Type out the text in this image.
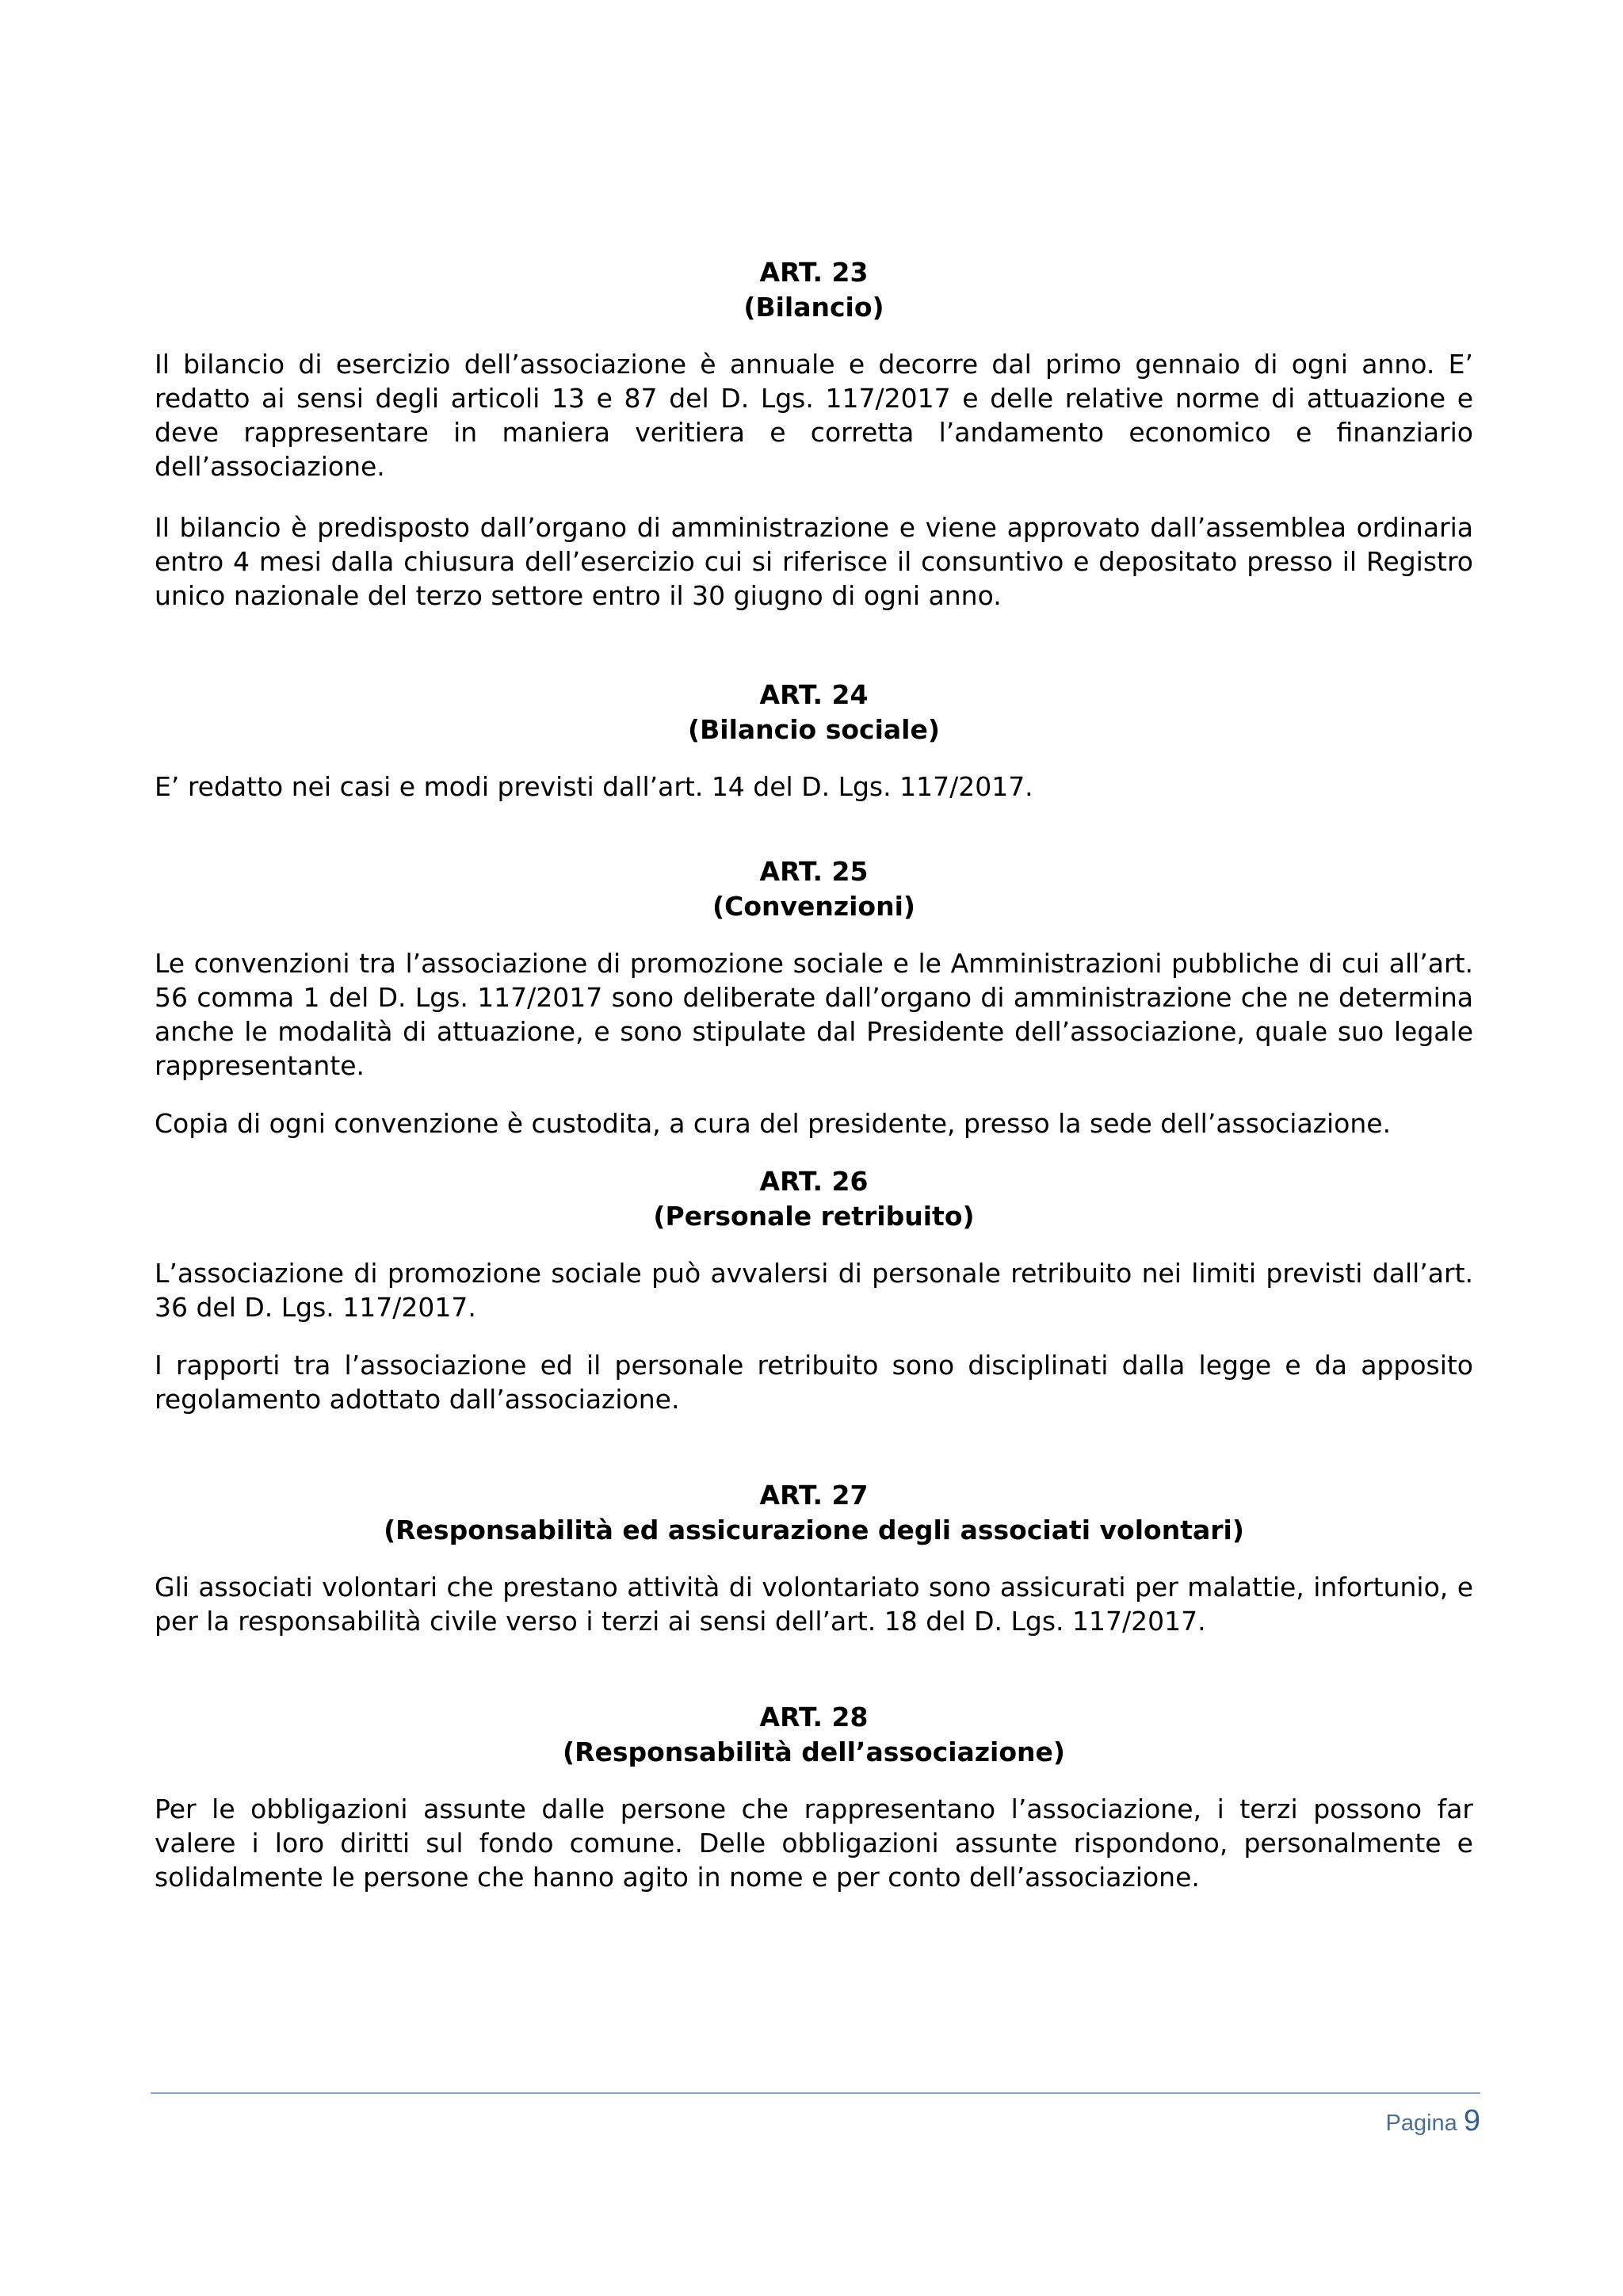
ART. 23

(Bilancio)

Il bilancio di esercizio dell’associazione è annuale e decorre dal primo gennaio di ogni anno. E’ redatto ai sensi degli articoli 13 e 87 del D. Lgs. 117/2017 e delle relative norme di attuazione e deve rappresentare in maniera veritiera e corretta l’andamento economico e finanziario dell’associazione.

Il bilancio è predisposto dall’organo di amministrazione e viene approvato dall’assemblea ordinaria entro 4 mesi dalla chiusura dell’esercizio cui si riferisce il consuntivo e depositato presso il Registro unico nazionale del terzo settore entro il 30 giugno di ogni anno.

ART. 24

(Bilancio sociale)

E’ redatto nei casi e modi previsti dall’art. 14 del D. Lgs. 117/2017.

ART. 25

(Convenzioni)

Le convenzioni tra l’associazione di promozione sociale e le Amministrazioni pubbliche di cui all’art. 56 comma 1 del D. Lgs. 117/2017 sono deliberate dall’organo di amministrazione che ne determina anche le modalità di attuazione, e sono stipulate dal Presidente dell’associazione, quale suo legale rappresentante.

Copia di ogni convenzione è custodita, a cura del presidente, presso la sede dell’associazione.

ART. 26

(Personale retribuito)

L’associazione di promozione sociale può avvalersi di personale retribuito nei limiti previsti dall’art. 36 del D. Lgs. 117/2017.

I rapporti tra l’associazione ed il personale retribuito sono disciplinati dalla legge e da apposito regolamento adottato dall’associazione.

ART. 27

(Responsabilità ed assicurazione degli associati volontari)

Gli associati volontari che prestano attività di volontariato sono assicurati per malattie, infortunio, e per la responsabilità civile verso i terzi ai sensi dell’art. 18 del D. Lgs. 117/2017.

ART. 28

(Responsabilità dell’associazione)

Per le obbligazioni assunte dalle persone che rappresentano l’associazione, i terzi possono far valere i loro diritti sul fondo comune. Delle obbligazioni assunte rispondono, personalmente e solidalmente le persone che hanno agito in nome e per conto dell’associazione.

Pagina 9
